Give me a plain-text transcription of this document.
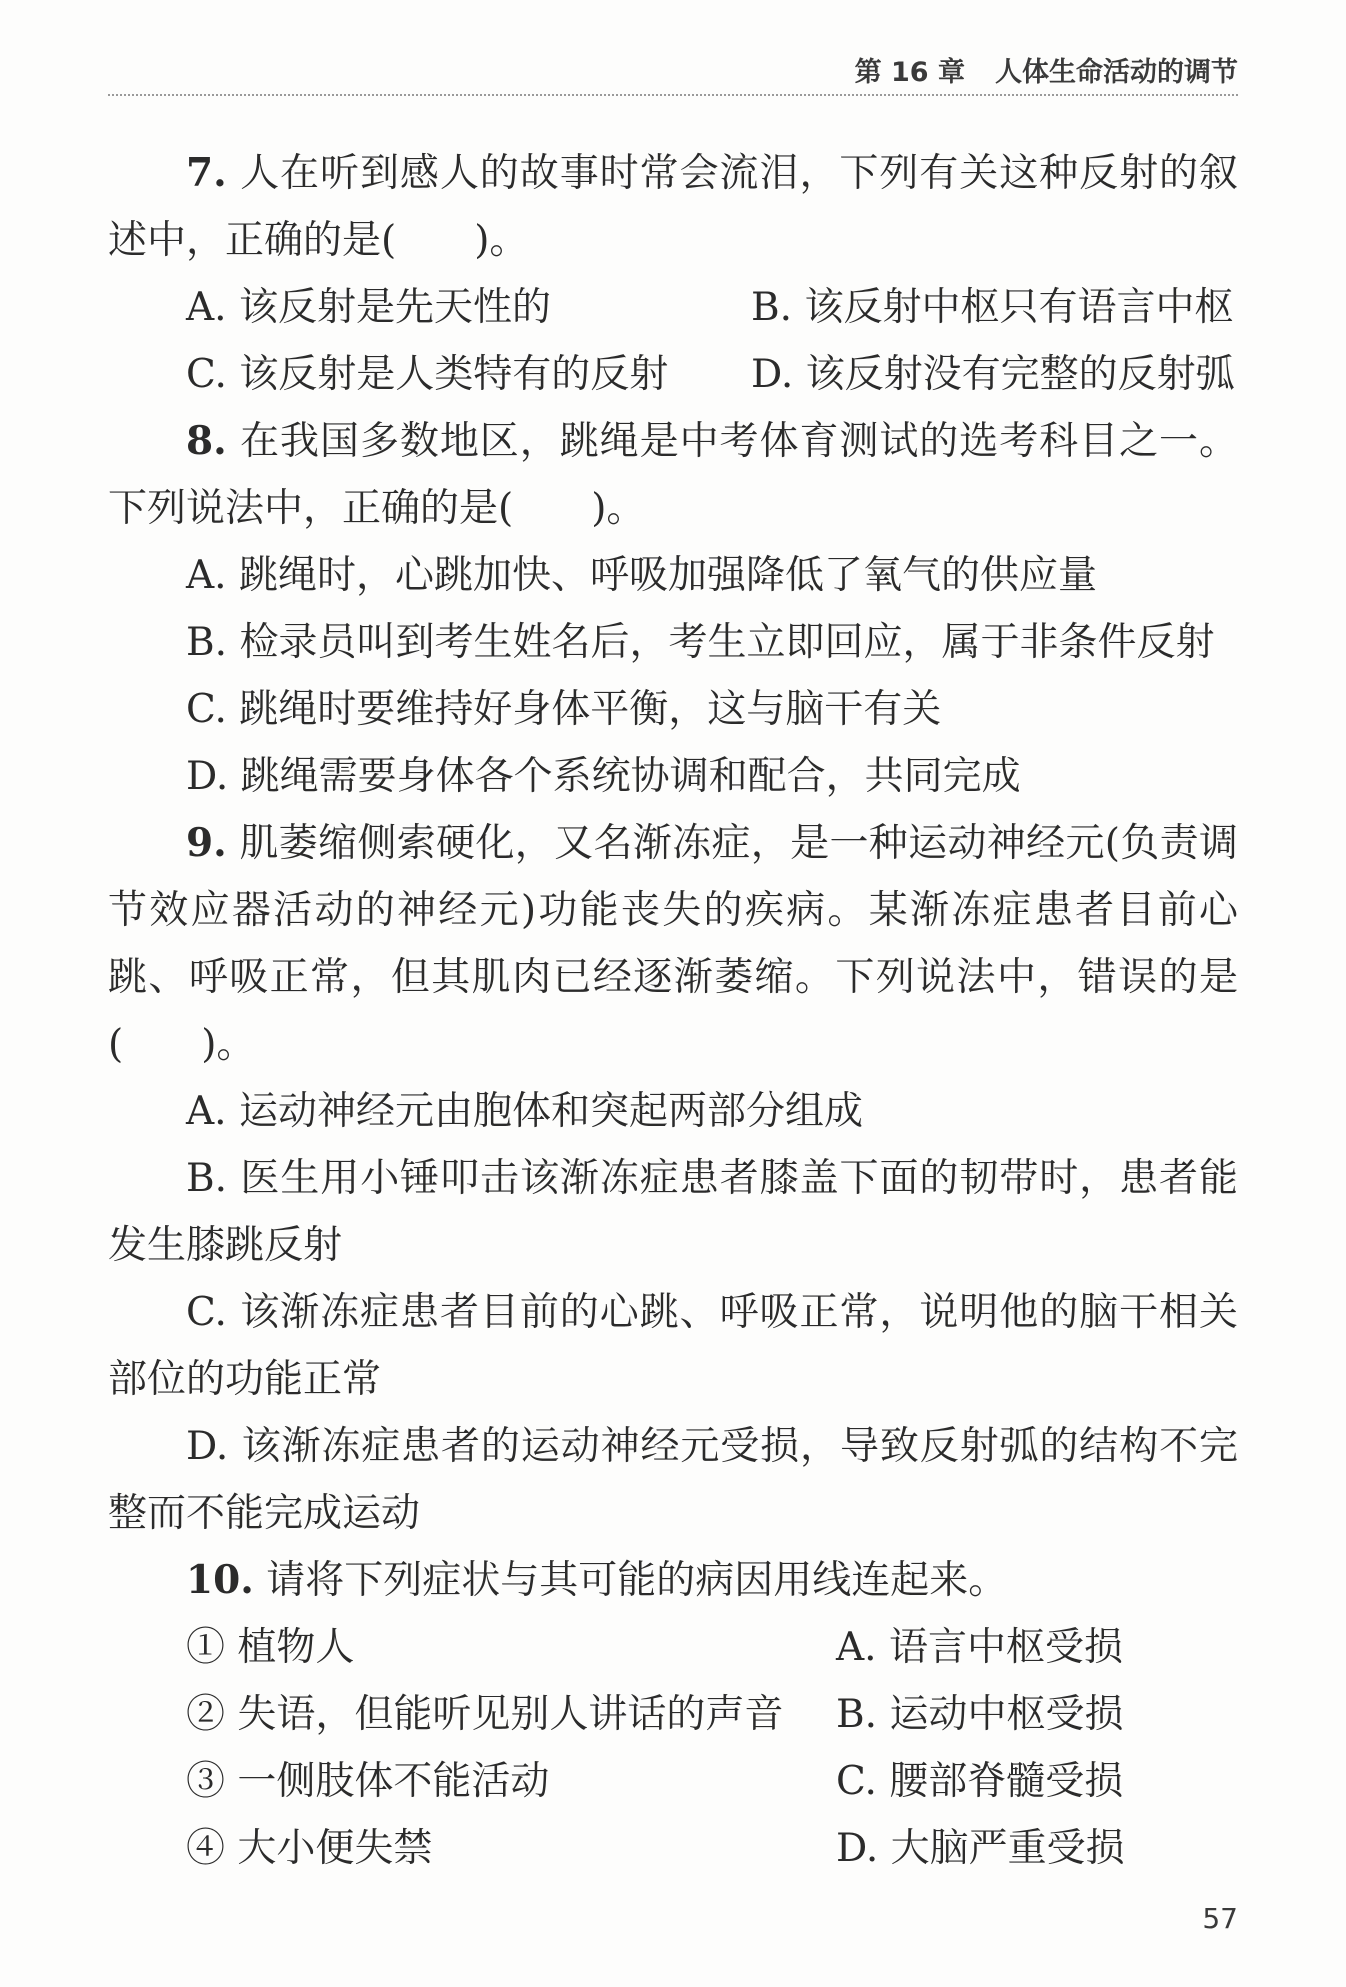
第 16 章 人体生命活动的调节

7. 人在听到感人的故事时常会流泪，下列有关这种反射的叙述中，正确的是(　　)。

A. 该反射是先天性的	B. 该反射中枢只有语言中枢
C. 该反射是人类特有的反射	D. 该反射没有完整的反射弧

8. 在我国多数地区，跳绳是中考体育测试的选考科目之一。下列说法中，正确的是(　　)。

A. 跳绳时，心跳加快、呼吸加强降低了氧气的供应量

B. 检录员叫到考生姓名后，考生立即回应，属于非条件反射

C. 跳绳时要维持好身体平衡，这与脑干有关

D. 跳绳需要身体各个系统协调和配合，共同完成

9. 肌萎缩侧索硬化，又名渐冻症，是一种运动神经元(负责调节效应器活动的神经元)功能丧失的疾病。某渐冻症患者目前心跳、呼吸正常，但其肌肉已经逐渐萎缩。下列说法中，错误的是(　　)。

A. 运动神经元由胞体和突起两部分组成

B. 医生用小锤叩击该渐冻症患者膝盖下面的韧带时，患者能发生膝跳反射

C. 该渐冻症患者目前的心跳、呼吸正常，说明他的脑干相关部位的功能正常

D. 该渐冻症患者的运动神经元受损，导致反射弧的结构不完整而不能完成运动

10. 请将下列症状与其可能的病因用线连起来。

① 植物人	A. 语言中枢受损
② 失语，但能听见别人讲话的声音	B. 运动中枢受损
③ 一侧肢体不能活动	C. 腰部脊髓受损
④ 大小便失禁	D. 大脑严重受损
57
